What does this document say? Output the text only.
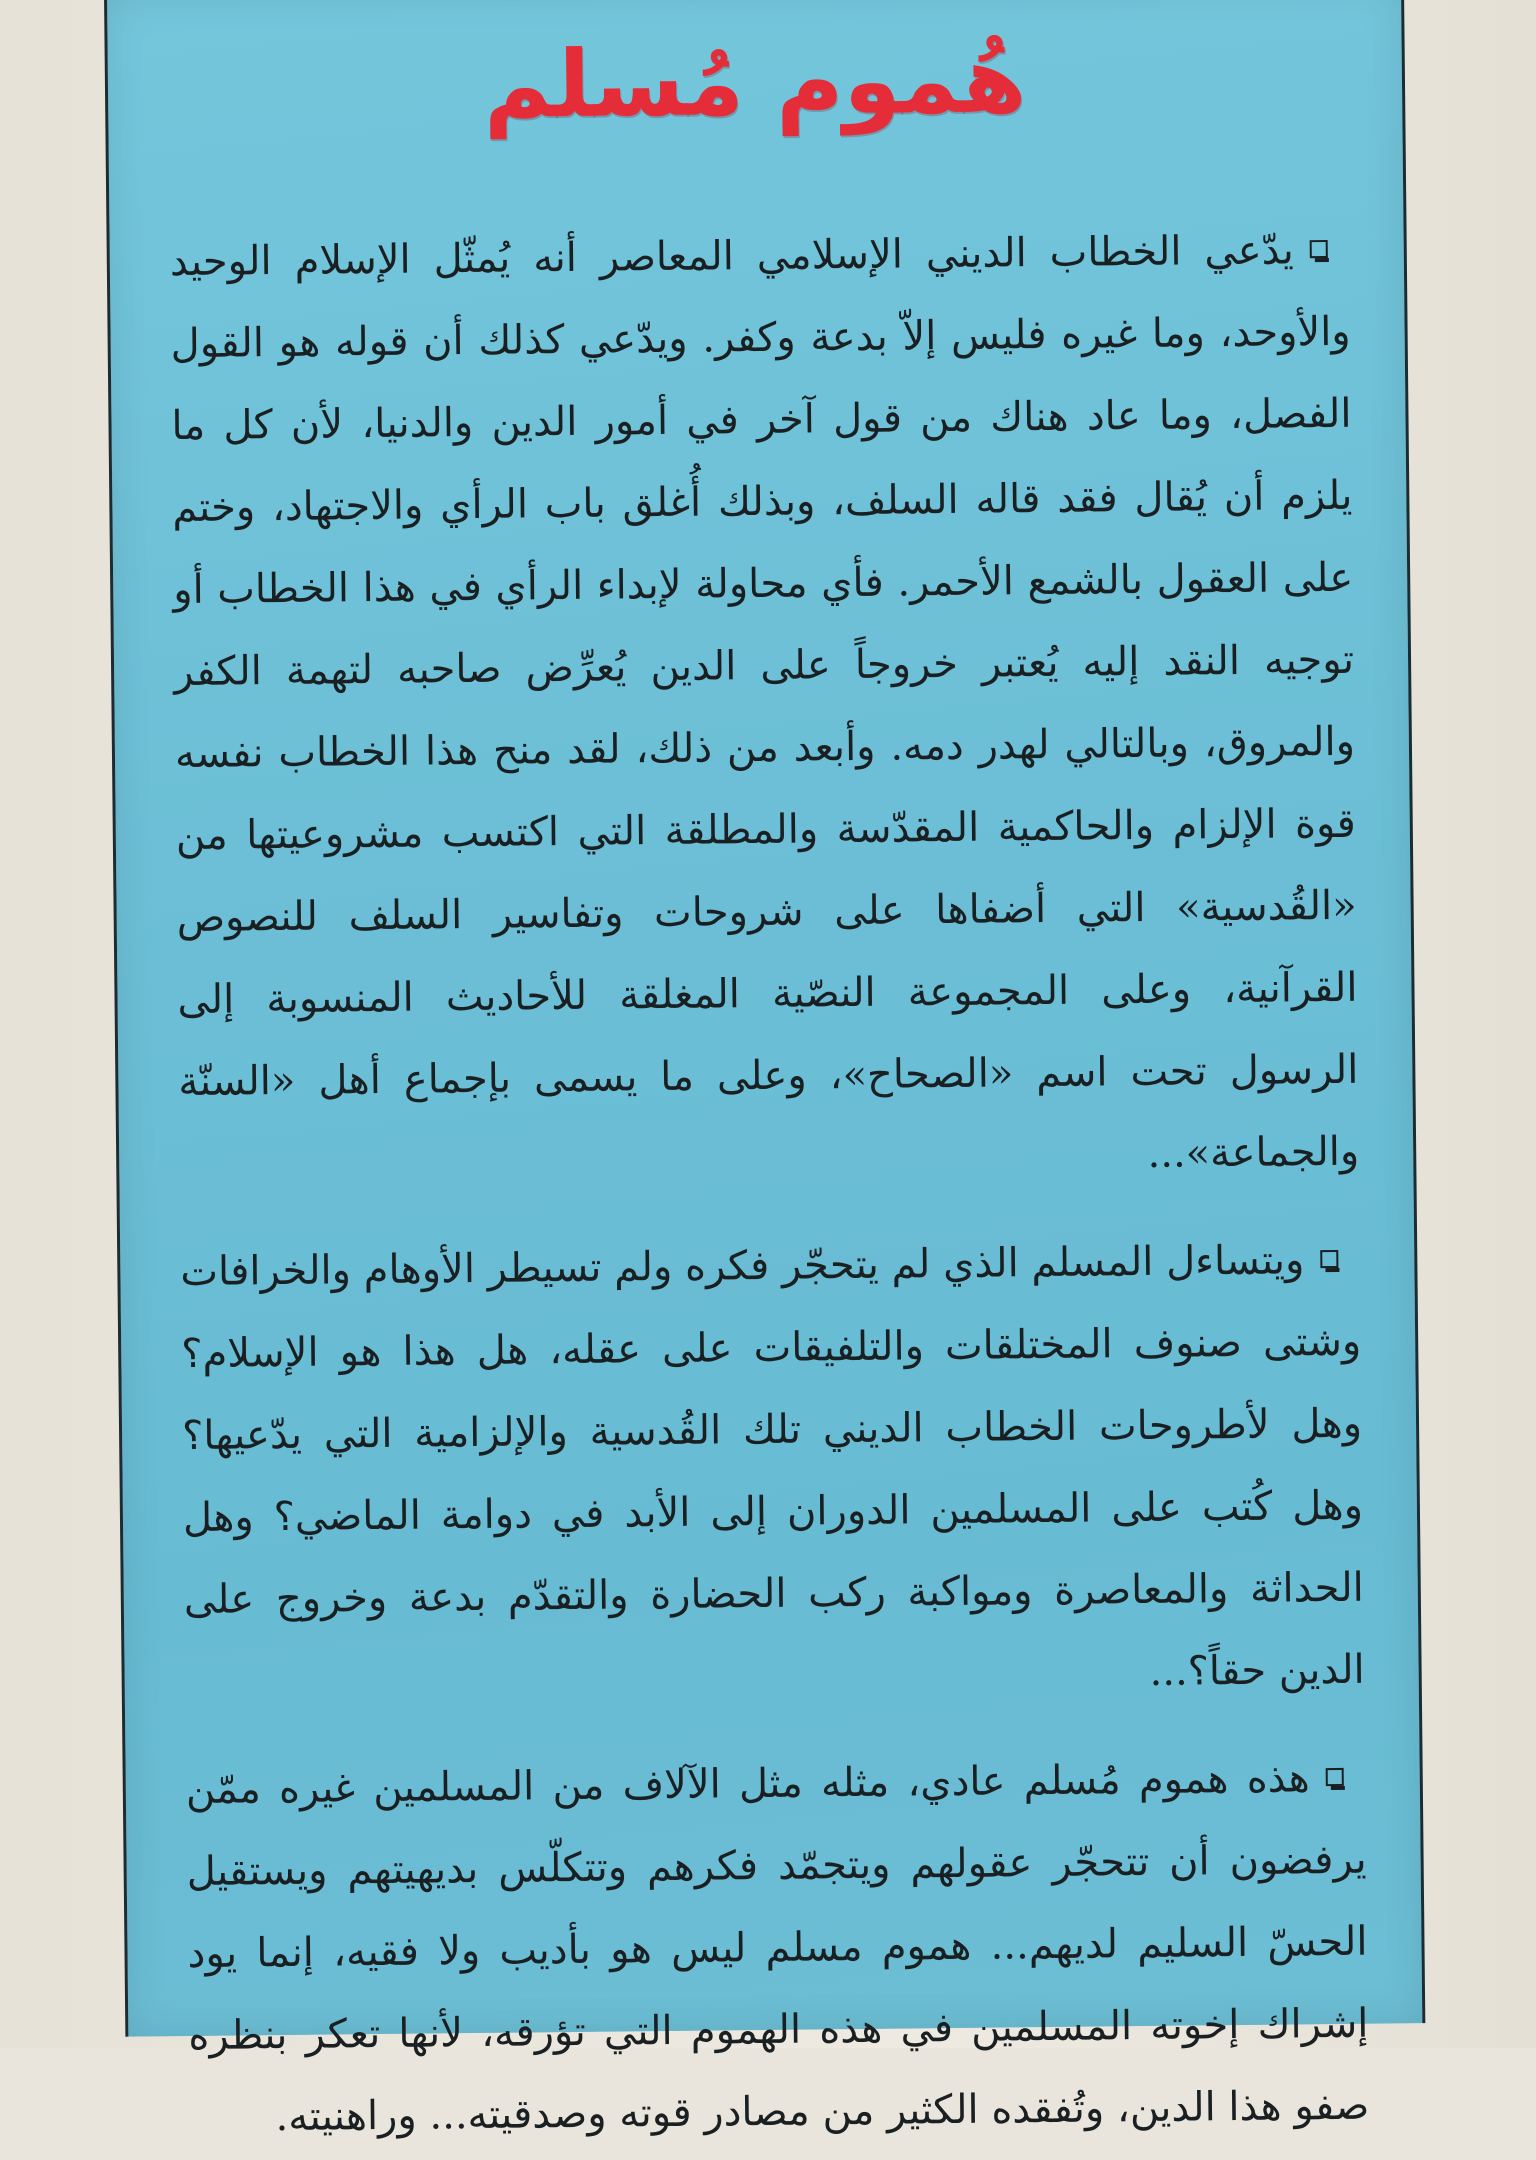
هُموم مُسلم

يدّعي الخطاب الديني الإسلامي المعاصر أنه يُمثّل الإسلام الوحيد والأوحد، وما غيره فليس إلاّ بدعة وكفر. ويدّعي كذلك أن قوله هو القول الفصل، وما عاد هناك من قول آخر في أمور الدين والدنيا، لأن كل ما يلزم أن يُقال فقد قاله السلف، وبذلك أُغلق باب الرأي والاجتهاد، وختم على العقول بالشمع الأحمر. فأي محاولة لإبداء الرأي في هذا الخطاب أو توجيه النقد إليه يُعتبر خروجاً على الدين يُعرِّض صاحبه لتهمة الكفر والمروق، وبالتالي لهدر دمه. وأبعد من ذلك، لقد منح هذا الخطاب نفسه قوة الإلزام والحاكمية المقدّسة والمطلقة التي اكتسب مشروعيتها من «القُدسية» التي أضفاها على شروحات وتفاسير السلف للنصوص القرآنية، وعلى المجموعة النصّية المغلقة للأحاديث المنسوبة إلى الرسول تحت اسم «الصحاح»، وعلى ما يسمى بإجماع أهل «السنّة والجماعة»...

ويتساءل المسلم الذي لم يتحجّر فكره ولم تسيطر الأوهام والخرافات وشتى صنوف المختلقات والتلفيقات على عقله، هل هذا هو الإسلام؟ وهل لأطروحات الخطاب الديني تلك القُدسية والإلزامية التي يدّعيها؟ وهل كُتب على المسلمين الدوران إلى الأبد في دوامة الماضي؟ وهل الحداثة والمعاصرة ومواكبة ركب الحضارة والتقدّم بدعة وخروج على الدين حقاً؟...

هذه هموم مُسلم عادي، مثله مثل الآلاف من المسلمين غيره ممّن يرفضون أن تتحجّر عقولهم ويتجمّد فكرهم وتتكلّس بديهيتهم ويستقيل الحسّ السليم لديهم... هموم مسلم ليس هو بأديب ولا فقيه، إنما يود إشراك إخوته المسلمين في هذه الهموم التي تؤرقه، لأنها تعكر بنظره صفو هذا الدين، وتُفقده الكثير من مصادر قوته وصدقيته... وراهنيته.
